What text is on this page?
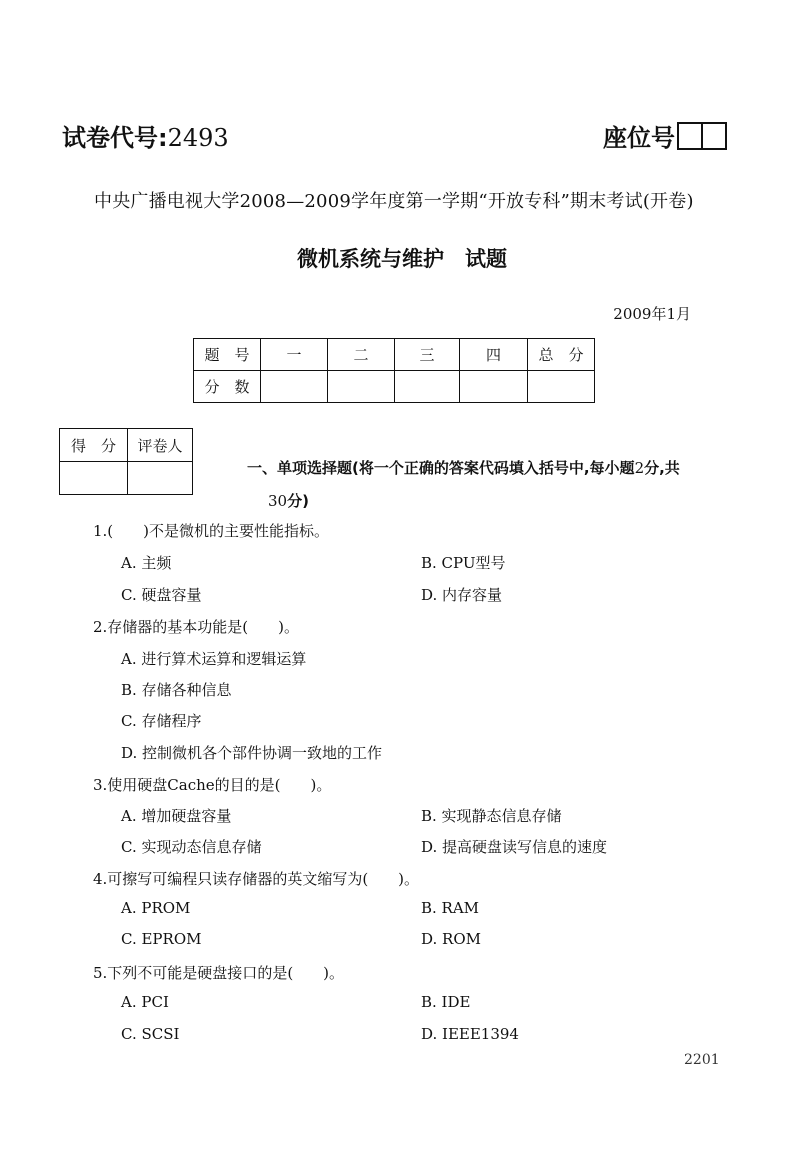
试卷代号:2493	座位号
中央广播电视大学2008—2009学年度第一学期“开放专科”期末考试(开卷)
微机系统与维护　试题
2009年1月
题　号	一	二	三	四	总　分
分　数					
得　分	评卷人

一、单项选择题(将一个正确的答案代码填入括号中,每小题2分,共
30分)
1.(　　)不是微机的主要性能指标。
A. 主频	B. CPU型号
C. 硬盘容量	D. 内存容量
2.存储器的基本功能是(　　)。
A. 进行算术运算和逻辑运算
B. 存储各种信息
C. 存储程序
D. 控制微机各个部件协调一致地的工作
3.使用硬盘Cache的目的是(　　)。
A. 增加硬盘容量	B. 实现静态信息存储
C. 实现动态信息存储	D. 提高硬盘读写信息的速度
4.可擦写可编程只读存储器的英文缩写为(　　)。
A. PROM	B. RAM
C. EPROM	D. ROM
5.下列不可能是硬盘接口的是(　　)。
A. PCI	B. IDE
C. SCSI	D. IEEE1394
2201
